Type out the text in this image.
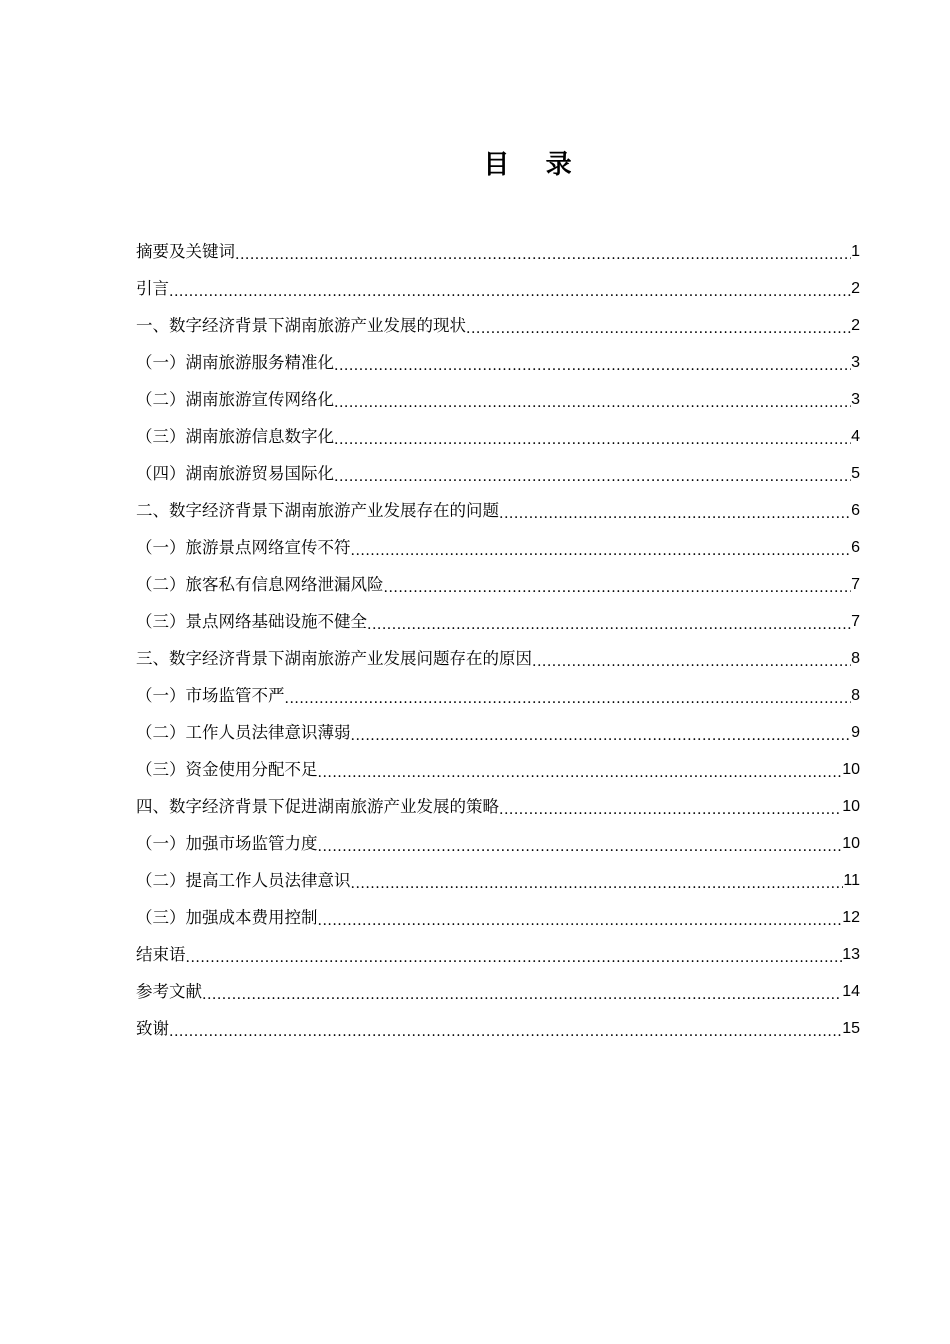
目    录
摘要及关键词 .....	1
引言 .....	2
一、数字经济背景下湖南旅游产业发展的现状 .....	2
（一）湖南旅游服务精准化 .....	3
（二）湖南旅游宣传网络化 .....	3
（三）湖南旅游信息数字化 .....	4
（四）湖南旅游贸易国际化 .....	5
二、数字经济背景下湖南旅游产业发展存在的问题 .....	6
（一）旅游景点网络宣传不符 .....	6
（二）旅客私有信息网络泄漏风险 .....	7
（三）景点网络基础设施不健全 .....	7
三、数字经济背景下湖南旅游产业发展问题存在的原因 .....	8
（一）市场监管不严 .....	8
（二）工作人员法律意识薄弱 .....	9
（三）资金使用分配不足 .....	10
四、数字经济背景下促进湖南旅游产业发展的策略 .....	10
（一）加强市场监管力度 .....	10
（二）提高工作人员法律意识 .....	11
（三）加强成本费用控制 .....	12
结束语 .....	13
参考文献 .....	14
致谢 .....	15
